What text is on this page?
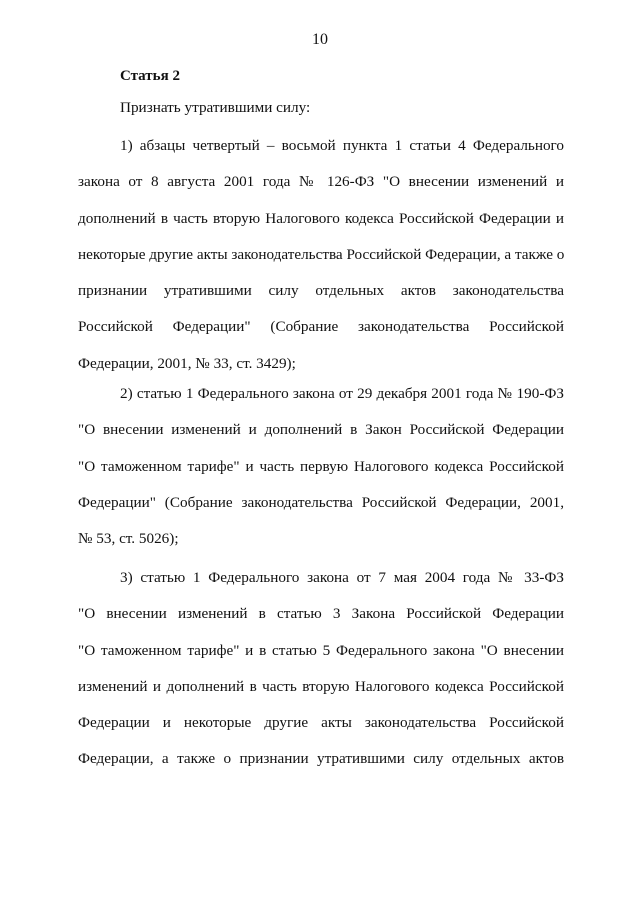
10
Статья 2
Признать утратившими силу:
1) абзацы четвертый – восьмой пункта 1 статьи 4 Федерального
закона от 8 августа 2001 года № 126-ФЗ "О внесении изменений и
дополнений в часть вторую Налогового кодекса Российской Федерации и
некоторые другие акты законодательства Российской Федерации, а также о
признании утратившими силу отдельных актов законодательства
Российской Федерации" (Собрание законодательства Российской
Федерации, 2001, № 33, ст. 3429);
2) статью 1 Федерального закона от 29 декабря 2001 года № 190-ФЗ
"О внесении изменений и дополнений в Закон Российской Федерации
"О таможенном тарифе" и часть первую Налогового кодекса Российской
Федерации" (Собрание законодательства Российской Федерации, 2001,
№ 53, ст. 5026);
3) статью 1 Федерального закона от 7 мая 2004 года № 33-ФЗ
"О внесении изменений в статью 3 Закона Российской Федерации
"О таможенном тарифе" и в статью 5 Федерального закона "О внесении
изменений и дополнений в часть вторую Налогового кодекса Российской
Федерации и некоторые другие акты законодательства Российской
Федерации, а также о признании утратившими силу отдельных актов
